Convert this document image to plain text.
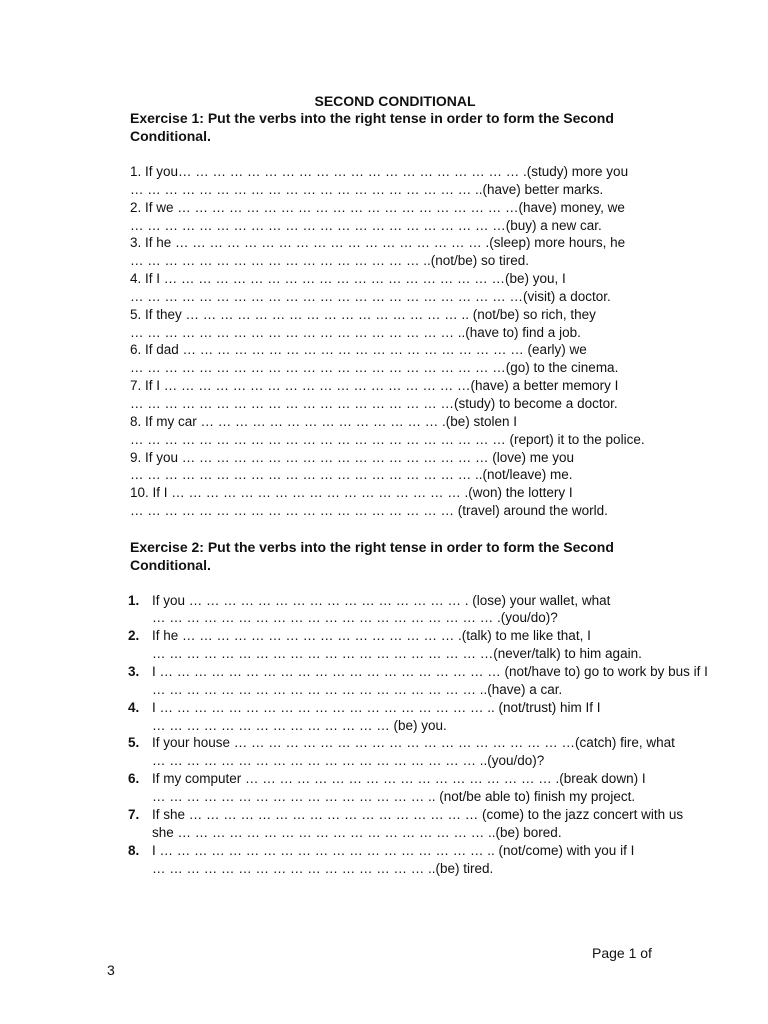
SECOND CONDITIONAL
Exercise 1: Put the verbs into the right tense in order to form the Second Conditional.
1. If you… … … … … … … … … … … … … … … … … … … … .(study) more you
… … … … … … … … … … … … … … … … … … … … ..(have) better marks.
2. If we … … … … … … … … … … … … … … … … … … … …(have) money, we
… … … … … … … … … … … … … … … … … … … … … …(buy) a new car.
3. If he … … … … … … … … … … … … … … … … … … .(sleep) more hours, he
… … … … … … … … … … … … … … … … … ..(not/be) so tired.
4. If I … … … … … … … … … … … … … … … … … … … …(be) you, I
… … … … … … … … … … … … … … … … … … … … … … …(visit) a doctor.
5. If they … … … … … … … … … … … … … … … … .. (not/be) so rich, they
… … … … … … … … … … … … … … … … … … … ..(have to) find a job.
6. If dad … … … … … … … … … … … … … … … … … … … … (early) we
… … … … … … … … … … … … … … … … … … … … … …(go) to the cinema.
7. If I … … … … … … … … … … … … … … … … … …(have) a better memory I
… … … … … … … … … … … … … … … … … … …(study) to become a doctor.
8. If my car … … … … … … … … … … … … … … .(be) stolen I
… … … … … … … … … … … … … … … … … … … … … … (report) it to the police.
9. If you … … … … … … … … … … … … … … … … … … (love) me you
… … … … … … … … … … … … … … … … … … … … ..(not/leave) me.
10. If I … … … … … … … … … … … … … … … … … .(won) the lottery I
… … … … … … … … … … … … … … … … … … … (travel) around the world.
Exercise 2: Put the verbs into the right tense in order to form the Second Conditional.
1. If you … … … … … … … … … … … … … … … … . (lose) your wallet, what
… … … … … … … … … … … … … … … … … … … … .(you/do)?
2. If he … … … … … … … … … … … … … … … … .(talk) to me like that, I
… … … … … … … … … … … … … … … … … … … …(never/talk) to him again.
3. I … … … … … … … … … … … … … … … … … … … … (not/have to) go to work by bus if I
… … … … … … … … … … … … … … … … … … … ..(have) a car.
4. I … … … … … … … … … … … … … … … … … … … .. (not/trust) him If I
… … … … … … … … … … … … … … (be) you.
5. If your house … … … … … … … … … … … … … … … … … … … …(catch) fire, what
… … … … … … … … … … … … … … … … … … … ..(you/do)?
6. If my computer … … … … … … … … … … … … … … … … … … .(break down) I
… … … … … … … … … … … … … … … … .. (not/be able to) finish my project.
7. If she … … … … … … … … … … … … … … … … … (come) to the jazz concert with us
she … … … … … … … … … … … … … … … … … … ..(be) bored.
8. I … … … … … … … … … … … … … … … … … … … .. (not/come) with you if I
… … … … … … … … … … … … … … … … ..(be) tired.
Page 1 of
3
